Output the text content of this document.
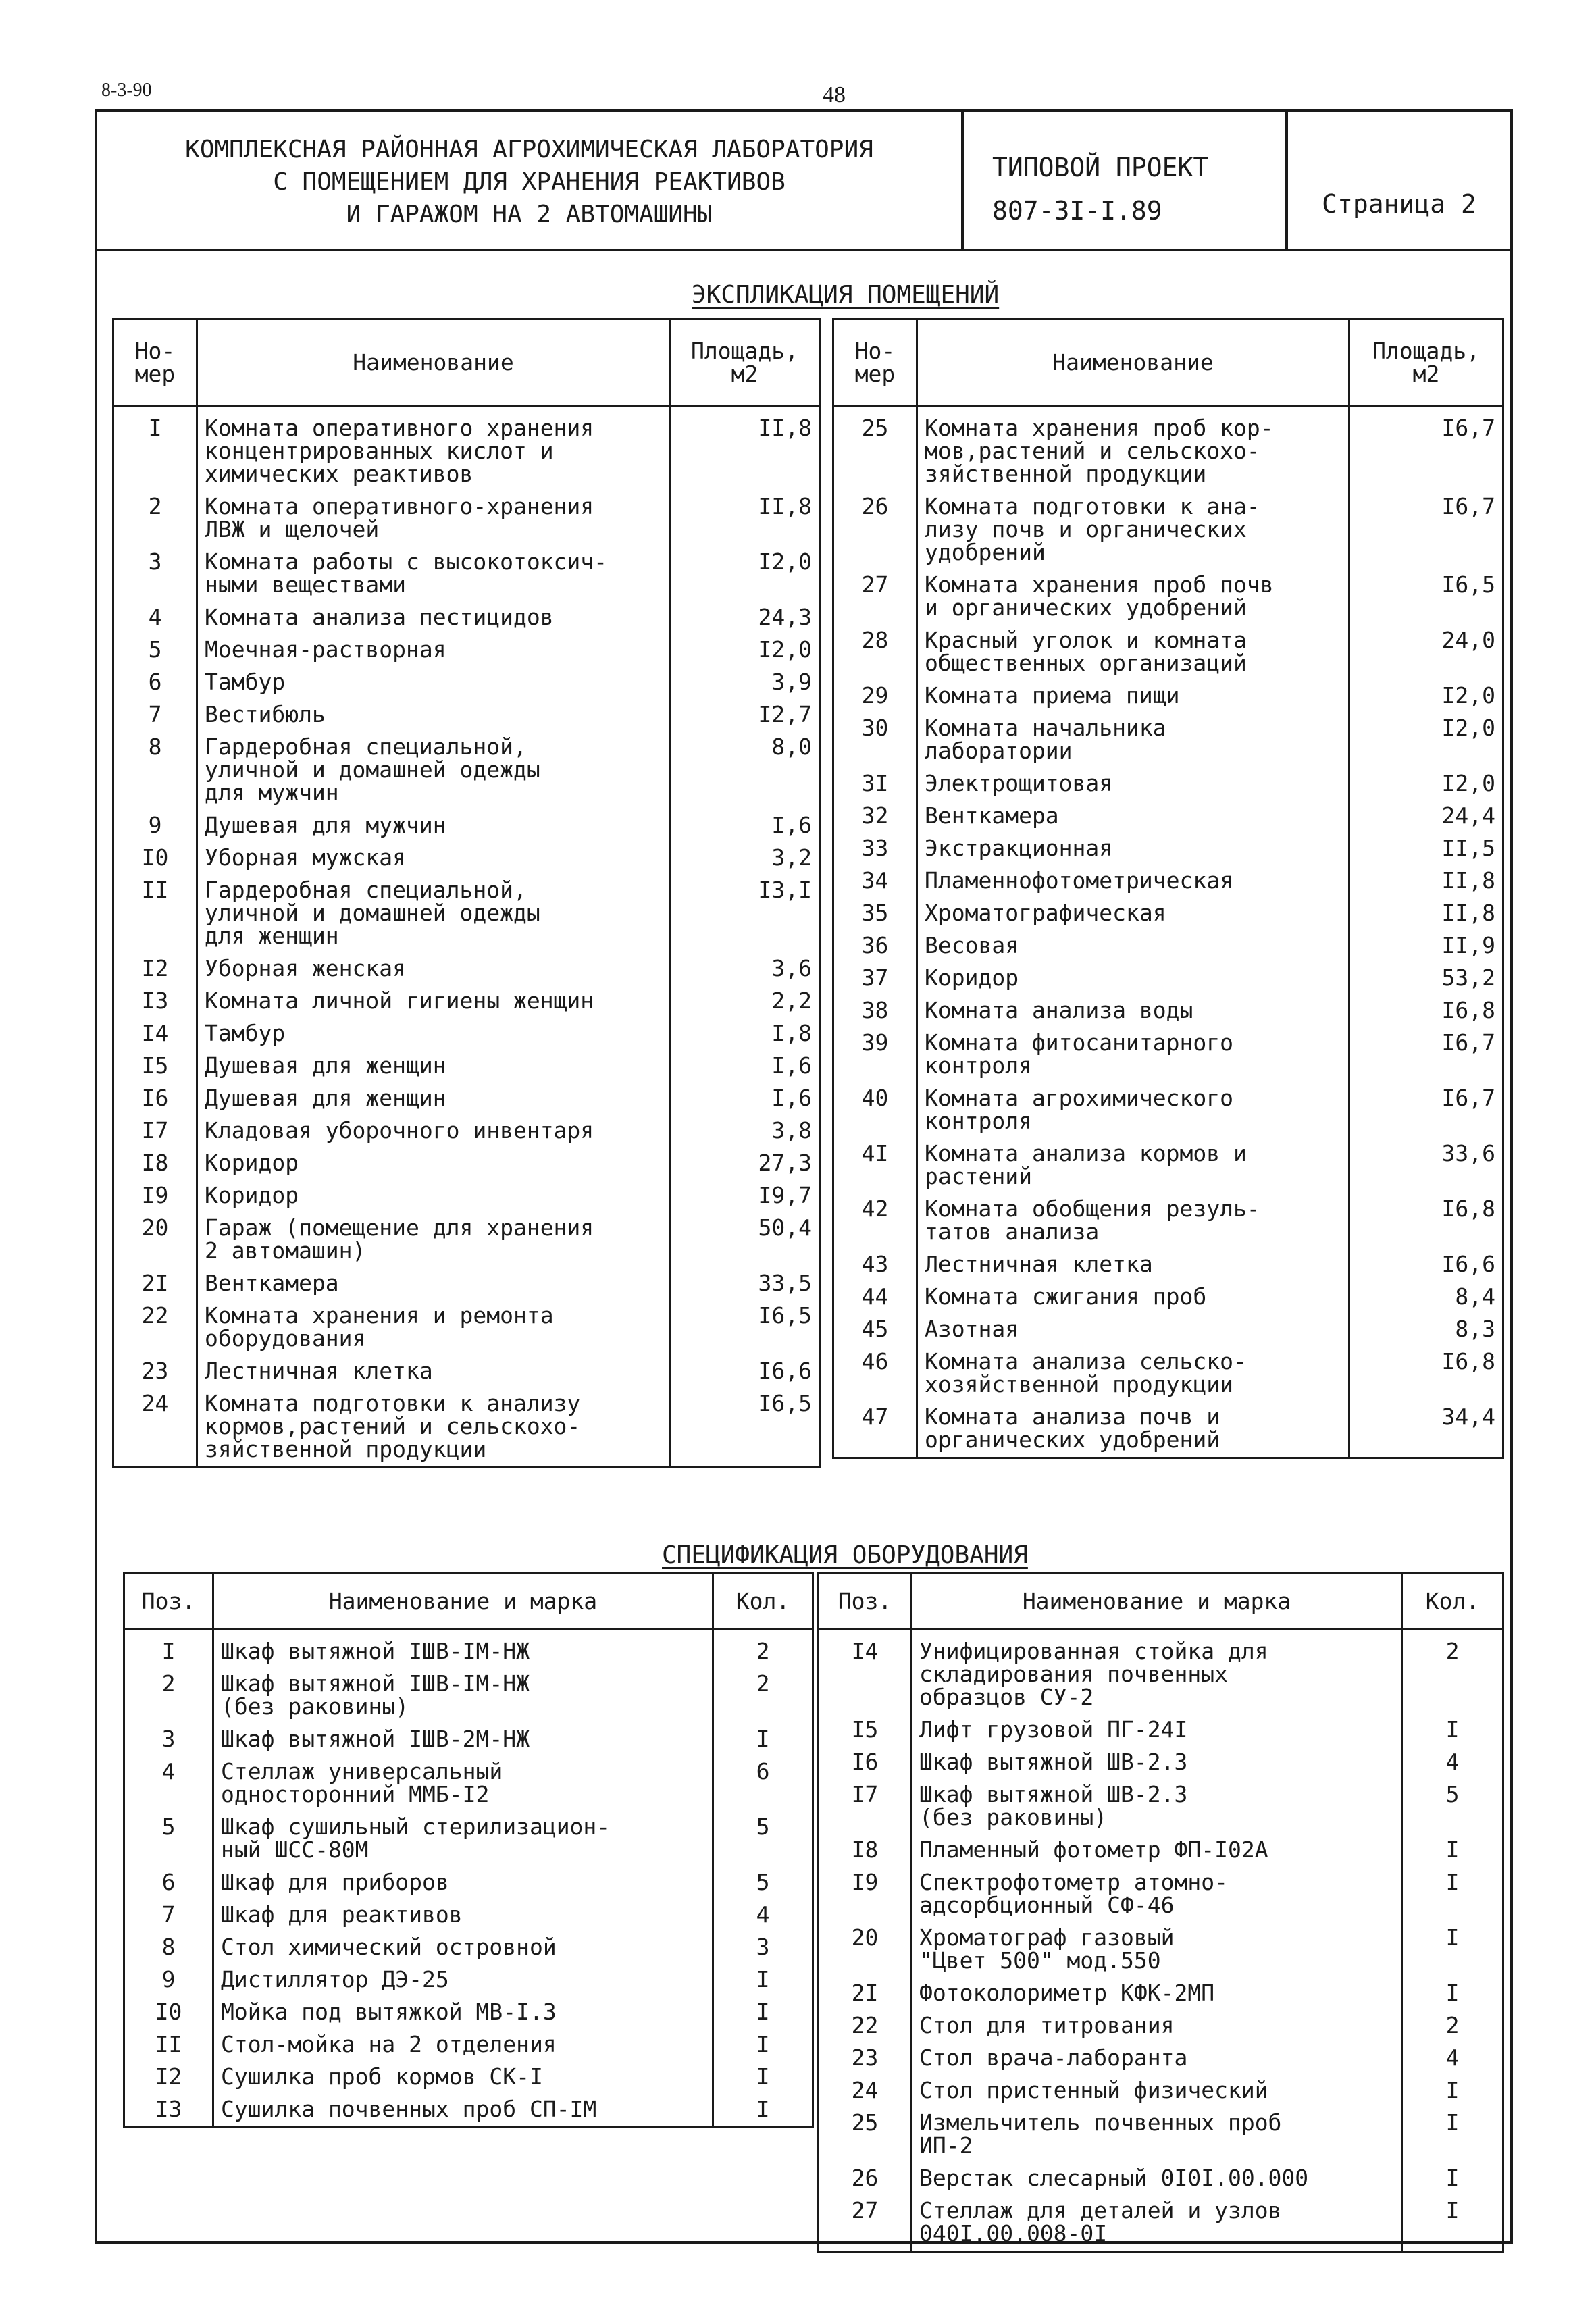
8-3-90	48
КОМПЛЕКСНАЯ РАЙОННАЯ АГРОХИМИЧЕСКАЯ ЛАБОРАТОРИЯ
С ПОМЕЩЕНИЕМ ДЛЯ ХРАНЕНИЯ РЕАКТИВОВ
И ГАРАЖОМ НА 2 АВТОМАШИНЫ
ТИПОВОЙ ПРОЕКТ
807-3I-I.89	Страница 2
ЭКСПЛИКАЦИЯ ПОМЕЩЕНИЙ
Но-
мер	Наименование	Площадь,
м2
I	Комната оперативного хранения
концентрированных кислот и
химических реактивов	II,8
2	Комната оперативного-хранения
ЛВЖ и щелочей	II,8
3	Комната работы с высокотоксич-
ными веществами	I2,0
4	Комната анализа пестицидов	24,3
5	Моечная-растворная	I2,0
6	Тамбур	3,9
7	Вестибюль	I2,7
8	Гардеробная специальной,
уличной и домашней одежды
для мужчин	8,0
9	Душевая для мужчин	I,6
I0	Уборная мужская	3,2
II	Гардеробная специальной,
уличной и домашней одежды
для женщин	I3,I
I2	Уборная женская	3,6
I3	Комната личной гигиены женщин	2,2
I4	Тамбур	I,8
I5	Душевая для женщин	I,6
I6	Душевая для женщин	I,6
I7	Кладовая уборочного инвентаря	3,8
I8	Коридор	27,3
I9	Коридор	I9,7
20	Гараж (помещение для хранения
2 автомашин)	50,4
2I	Венткамера	33,5
22	Комната хранения и ремонта
оборудования	I6,5
23	Лестничная клетка	I6,6
24	Комната подготовки к анализу
кормов,растений и сельскохо-
зяйственной продукции	I6,5
Но-
мер	Наименование	Площадь,
м2
25	Комната хранения проб кор-
мов,растений и сельскохо-
зяйственной продукции	I6,7
26	Комната подготовки к ана-
лизу почв и органических
удобрений	I6,7
27	Комната хранения проб почв
и органических удобрений	I6,5
28	Красный уголок и комната
общественных организаций	24,0
29	Комната приема пищи	I2,0
30	Комната начальника
лаборатории	I2,0
3I	Электрощитовая	I2,0
32	Венткамера	24,4
33	Экстракционная	II,5
34	Пламеннофотометрическая	II,8
35	Хроматографическая	II,8
36	Весовая	II,9
37	Коридор	53,2
38	Комната анализа воды	I6,8
39	Комната фитосанитарного
контроля	I6,7
40	Комната агрохимического
контроля	I6,7
4I	Комната анализа кормов и
растений	33,6
42	Комната обобщения резуль-
татов анализа	I6,8
43	Лестничная клетка	I6,6
44	Комната сжигания проб	8,4
45	Азотная	8,3
46	Комната анализа сельско-
хозяйственной продукции	I6,8
47	Комната анализа почв и
органических удобрений	34,4
СПЕЦИФИКАЦИЯ ОБОРУДОВАНИЯ
Поз.	Наименование и марка	Кол.
I	Шкаф вытяжной IШВ-IМ-НЖ	2
2	Шкаф вытяжной IШВ-IМ-НЖ
(без раковины)	2
3	Шкаф вытяжной IШВ-2М-НЖ	I
4	Стеллаж универсальный
односторонний ММБ-I2	6
5	Шкаф сушильный стерилизацион-
ный ШСС-80М	5
6	Шкаф для приборов	5
7	Шкаф для реактивов	4
8	Стол химический островной	3
9	Дистиллятор ДЭ-25	I
I0	Мойка под вытяжкой МВ-I.3	I
II	Стол-мойка на 2 отделения	I
I2	Сушилка проб кормов СК-I	I
I3	Сушилка почвенных проб СП-IМ	I
Поз.	Наименование и марка	Кол.
I4	Унифицированная стойка для
складирования почвенных
образцов СУ-2	2
I5	Лифт грузовой ПГ-24I	I
I6	Шкаф вытяжной ШВ-2.3	4
I7	Шкаф вытяжной ШВ-2.3
(без раковины)	5
I8	Пламенный фотометр ФП-I02А	I
I9	Спектрофотометр атомно-
адсорбционный СФ-46	I
20	Хроматограф газовый
"Цвет 500" мод.550	I
2I	Фотоколориметр КФК-2МП	I
22	Стол для титрования	2
23	Стол врача-лаборанта	4
24	Стол пристенный физический	I
25	Измельчитель почвенных проб
ИП-2	I
26	Верстак слесарный 0I0I.00.000	I
27	Стеллаж для деталей и узлов
040I.00.008-0I	I
